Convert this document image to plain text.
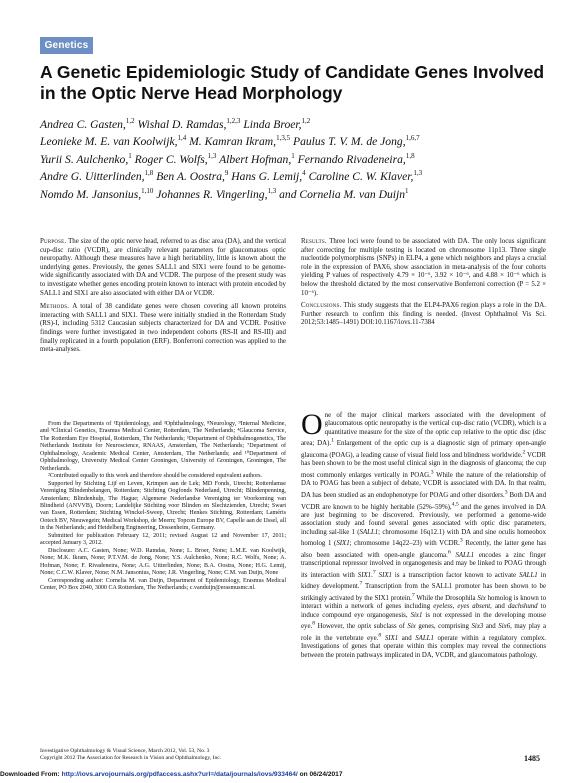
Genetics
A Genetic Epidemiologic Study of Candidate Genes Involved in the Optic Nerve Head Morphology
Andrea C. Gasten,$^{1,2}$ Wishal D. Ramdas,$^{1,2,3}$ Linda Broer,$^{1,2}$
Leonieke M. E. van Koolwijk,$^{1,4}$ M. Kamran Ikram,$^{1,3,5}$ Paulus T. V. M. de Jong,$^{1,6,7}$
Yurii S. Aulchenko,$^1$ Roger C. Wolfs,$^{1,3}$ Albert Hofman,$^1$ Fernando Rivadeneira,$^{1,8}$
Andre G. Uitterlinden,$^{1,8}$ Ben A. Oostra,$^9$ Hans G. Lemij,$^4$ Caroline C. W. Klaver,$^{1,3}$
Nomdo M. Jansonius,$^{1,10}$ Johannes R. Vingerling,$^{1,3}$ and Cornelia M. van Duijn$^1$

Purpose. The size of the optic nerve head, referred to as disc area (DA), and the vertical cup-disc ratio (VCDR), are clinically relevant parameters for glaucomatous optic neuropathy. Although these measures have a high heritability, little is known about the underlying genes. Previously, the genes SALL1 and SIX1 were found to be genome-wide significantly associated with DA and VCDR. The purpose of the present study was to investigate whether genes encoding protein known to interact with protein encoded by SALL1 and SIX1 are also associated with either DA or VCDR.

Methods. A total of 38 candidate genes were chosen covering all known proteins interacting with SALL1 and SIX1. These were initially studied in the Rotterdam Study (RS)-I, including 5312 Caucasian subjects characterized for DA and VCDR. Positive findings were further investigated in two independent cohorts (RS-II and RS-III) and finally replicated in a fourth population (ERF). Bonferroni correction was applied to the meta-analyses.

Results. Three loci were found to be associated with DA. The only locus significant after correcting for multiple testing is located on chromosome 11p13. Three single nucleotide polymorphisms (SNPs) in ELP4, a gene which neighbors and plays a crucial role in the expression of PAX6, show association in meta-analysis of the four cohorts yielding P values of respectively 4.79 × 10⁻⁶, 3.92 × 10⁻⁶, and 4.88 × 10⁻⁶ which is below the threshold dictated by the most conservative Bonferroni correction (P = 5.2 × 10⁻⁶).

Conclusions. This study suggests that the ELP4-PAX6 region plays a role in the DA. Further research to confirm this finding is needed. (Invest Ophthalmol Vis Sci. 2012;53:1485–1491) DOI:10.1167/iovs.11-7384

From the Departments of ¹Epidemiology, and ³Ophthalmology, ⁸Neurology, ⁹Internal Medicine, and ⁹Clinical Genetics, Erasmus Medical Center, Rotterdam, The Netherlands; ⁴Glaucoma Service, The Rotterdam Eye Hospital, Rotterdam, The Netherlands; ⁵Department of Ophthalmogenetics, The Netherlands Institute for Neuroscience, RNAAS, Amsterdam, The Netherlands; ⁷Department of Ophthalmology, Academic Medical Center, Amsterdam, The Netherlands; and ¹⁰Department of Ophthalmology, University Medical Center Groningen, University of Groningen, Groningen, The Netherlands.

²Contributed equally to this work and therefore should be considered equivalent authors.

Supported by Stichting Lijf en Leven, Krimpen aan de Lek; MD Fonds, Utrecht; Rotterdamse Vereniging Blindenbelangen, Rotterdam; Stichting Oogfonds Nederland, Utrecht; Blindenpenning, Amsterdam; Blindenhulp, The Hague; Algemene Nederlandse Vereniging ter Voorkoming van Blindheid (ANVVB), Doorn; Landelijke Stichting voor Blinden en Slechtzienden, Utrecht; Swart van Essen, Rotterdam; Stichting Winckel-Sweep, Utrecht; Henkes Stichting, Rotterdam; Laméris Ootech BV, Nieuwegein; Medical Workshop, de Meern; Topcon Europe BV, Capelle aan de IJssel, all in the Netherlands; and Heidelberg Engineering, Dossenheim, Germany.

Submitted for publication February 12, 2011; revised August 12 and November 17, 2011; accepted January 3, 2012.

Disclosure: A.C. Gasten, None; W.D. Ramdas, None; L. Broer, None; L.M.E. van Koolwijk, None; M.K. Ikram, None; P.T.V.M. de Jong, None; Y.S. Aulchenko, None; R.C. Wolfs, None; A. Hofman, None; F. Rivadeneira, None; A.G. Uitterlinden, None; B.A. Oostra, None; H.G. Lemij, None; C.C.W. Klaver, None; N.M. Jansonius, None; J.R. Vingerling, None; C.M. van Duijn, None

Corresponding author: Cornelia M. van Duijn, Department of Epidemiology, Erasmus Medical Center, PO Box 2040, 3000 CA Rotterdam, The Netherlands; c.vanduijn@erasmusmc.nl.

One of the major clinical markers associated with the development of glaucomatous optic neuropathy is the vertical cup-disc ratio (VCDR), which is a quantitative measure for the size of the optic cup relative to the optic disc (disc area; DA).$^1$ Enlargement of the optic cup is a diagnostic sign of primary open-angle glaucoma (POAG), a leading cause of visual field loss and blindness worldwide.$^2$ VCDR has been shown to be the most useful clinical sign in the diagnosis of glaucoma; the cup most commonly enlarges vertically in POAG.$^3$ While the nature of the relationship of DA to POAG has been a subject of debate, VCDR is associated with DA. In that realm, DA has been studied as an endophenotype for POAG and other disorders.$^3$ Both DA and VCDR are known to be highly heritable (52%–59%),$^{4,5}$ and the genes involved in DA are just beginning to be discovered. Previously, we performed a genome-wide association study and found several genes associated with optic disc parameters, including sal-like 1 (SALL1; chromosome 16q12.1) with DA and sine oculis homeobox homolog 1 (SIX1; chromosome 14q22–23) with VCDR.$^3$ Recently, the latter gene has also been associated with open-angle glaucoma.$^6$ SALL1 encodes a zinc finger transcriptional repressor involved in organogenesis and may be linked to POAG through its interaction with SIX1.$^7$ SIX1 is a transcription factor known to activate SALL1 in kidney development.$^7$ Transcription from the SALL1 promoter has been shown to be strikingly activated by the SIX1 protein.$^7$ While the Drosophila Six homolog is known to interact within a network of genes including eyeless, eyes absent, and dachshund to induce compound eye organogenesis, Six1 is not expressed in the developing mouse eye.$^8$ However, the optix subclass of Six genes, comprising Six3 and Six6, may play a role in the vertebrate eye.$^8$ SIX1 and SALL1 operate within a regulatory complex. Investigations of genes that operate within this complex may reveal the connections between the protein pathways implicated in DA, VCDR, and glaucomatous pathology.
Investigative Ophthalmology & Visual Science, March 2012, Vol. 53, No. 3
Copyright 2012 The Association for Research in Vision and Ophthalmology, Inc.	1485
Downloaded From: http://iovs.arvojournals.org/pdfaccess.ashx?url=/data/journals/iovs/933464/ on 06/24/2017
